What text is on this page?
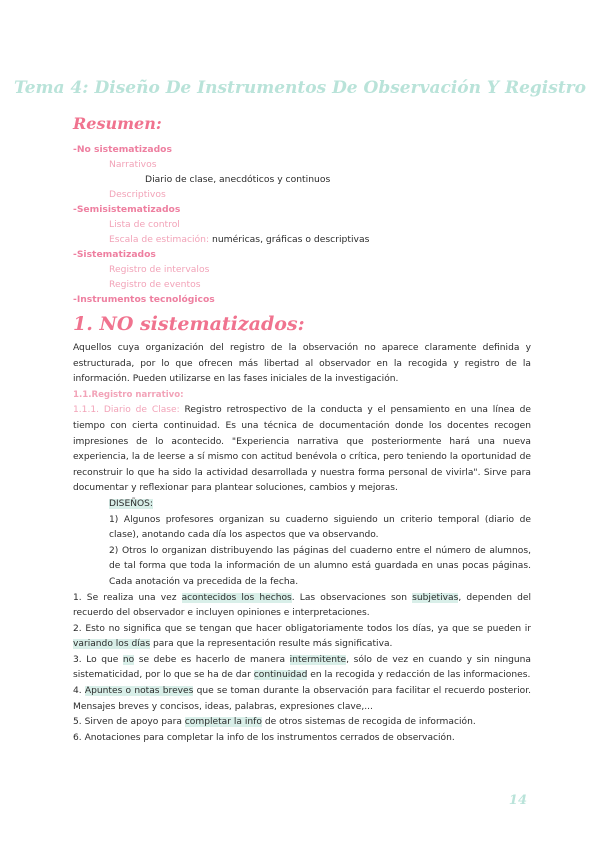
Tema 4: Diseño De Instrumentos De Observación Y Registro
Resumen:
-No sistematizados
Narrativos
Diario de clase, anecdóticos y continuos
Descriptivos
-Semisistematizados
Lista de control
Escala de estimación: numéricas, gráficas o descriptivas
-Sistematizados
Registro de intervalos
Registro de eventos
-Instrumentos tecnológicos
1. NO sistematizados:

Aquellos cuya organización del registro de la observación no aparece claramente definida y estructurada, por lo que ofrecen más libertad al observador en la recogida y registro de la información. Pueden utilizarse en las fases iniciales de la investigación.

1.1.Registro narrativo:

1.1.1. Diario de Clase: Registro retrospectivo de la conducta y el pensamiento en una línea de tiempo con cierta continuidad. Es una técnica de documentación donde los docentes recogen impresiones de lo acontecido. "Experiencia narrativa que posteriormente hará una nueva experiencia, la de leerse a sí mismo con actitud benévola o crítica, pero teniendo la oportunidad de reconstruir lo que ha sido la actividad desarrollada y nuestra forma personal de vivirla". Sirve para documentar y reflexionar para plantear soluciones, cambios y mejoras.

DISEÑOS:

1) Algunos profesores organizan su cuaderno siguiendo un criterio temporal (diario de clase), anotando cada día los aspectos que va observando.

2) Otros lo organizan distribuyendo las páginas del cuaderno entre el número de alumnos, de tal forma que toda la información de un alumno está guardada en unas pocas páginas. Cada anotación va precedida de la fecha.

1. Se realiza una vez acontecidos los hechos. Las observaciones son subjetivas, dependen del recuerdo del observador e incluyen opiniones e interpretaciones.

2. Esto no significa que se tengan que hacer obligatoriamente todos los días, ya que se pueden ir variando los días para que la representación resulte más significativa.

3. Lo que no se debe es hacerlo de manera intermitente, sólo de vez en cuando y sin ninguna sistematicidad, por lo que se ha de dar continuidad en la recogida y redacción de las informaciones.

4. Apuntes o notas breves que se toman durante la observación para facilitar el recuerdo posterior. Mensajes breves y concisos, ideas, palabras, expresiones clave,...

5. Sirven de apoyo para completar la info de otros sistemas de recogida de información.

6. Anotaciones para completar la info de los instrumentos cerrados de observación.

14
